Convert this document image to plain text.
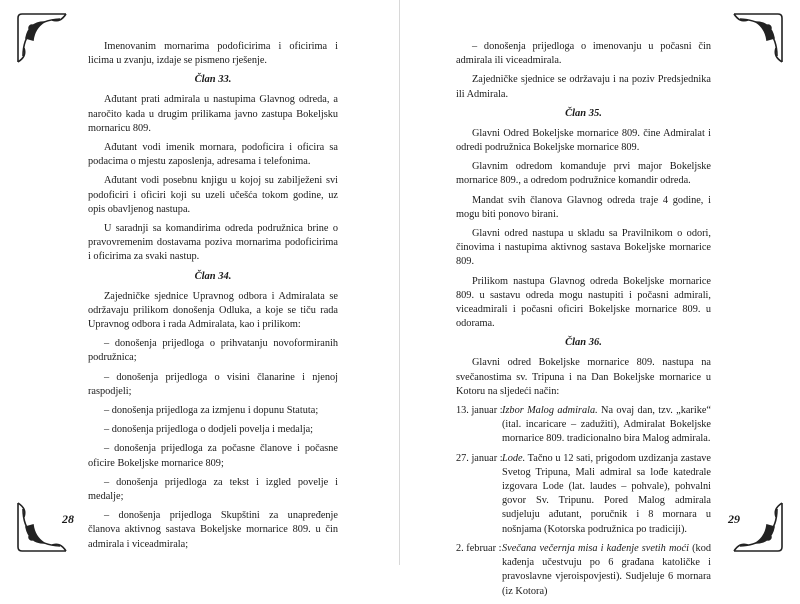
Imenovanim mornarima podoficirima i oficirima i licima u zvanju, izdaje se pismeno rješenje.

Član 33.

Ađutant prati admirala u nastupima Glavnog odreda, a naročito kada u drugim prilikama javno zastupa Bokeljsku mornaricu 809.

Ađutant vodi imenik mornara, podoficira i oficira sa podacima o mjestu zaposlenja, adresama i telefonima.

Ađutant vodi posebnu knjigu u kojoj su zabilježeni svi podoficiri i oficiri koji su uzeli učešća tokom godine, uz opis obavljenog nastupa.

U saradnji sa komandirima odreda podružnica brine o pravovremenim dostavama poziva mornarima podoficirima i oficirima za svaki nastup.

Član 34.

Zajedničke sjednice Upravnog odbora i Admiralata se održavaju prilikom donošenja Odluka, a koje se tiču rada Upravnog odbora i rada Admiralata, kao i prilikom:

– donošenja prijedloga o prihvatanju novoformiranih podružnica;
– donošenja prijedloga o visini članarine i njenoj raspodjeli;
– donošenja prijedloga za izmjenu i dopunu Statuta;
– donošenja prijedloga o dodjeli povelja i medalja;
– donošenja prijedloga za počasne članove i počasne oficire Bokeljske mornarice 809;
– donošenja prijedloga za tekst i izgled povelje i medalje;
– donošenja prijedloga Skupštini za unapređenje članova aktivnog sastava Bokeljske mornarice 809. u čin admirala i viceadmirala;
28
– donošenja prijedloga o imenovanju u počasni čin admirala ili viceadmirala.

Zajedničke sjednice se održavaju i na poziv Predsjednika ili Admirala.

Član 35.

Glavni Odred Bokeljske mornarice 809. čine Admiralat i odredi podružnica Bokeljske mornarice 809.

Glavnim odredom komanduje prvi major Bokeljske mornarice 809., a odredom podružnice komandir odreda.

Mandat svih članova Glavnog odreda traje 4 godine, i mogu biti ponovo birani.

Glavni odred nastupa u skladu sa Pravilnikom o odori, činovima i nastupima aktivnog sastava Bokeljske mornarice 809.

Prilikom nastupa Glavnog odreda Bokeljske mornarice 809. u sastavu odreda mogu nastupiti i počasni admirali, viceadmirali i počasni oficiri Bokeljske mornarice 809. u odorama.

Član 36.

Glavni odred Bokeljske mornarice 809. nastupa na svečanostima sv. Tripuna i na Dan Bokeljske mornarice u Kotoru na sljedeći način:

13. januar : Izbor Malog admirala. Na ovaj dan, tzv. „karike“ (ital. incaricare – zadužiti), Admiralat Bokeljske mornarice 809. tradicionalno bira Malog admirala.
27. januar : Lode. Tačno u 12 sati, prigodom uzdizanja zastave Svetog Tripuna, Mali admiral sa lođe katedrale izgovara Lode (lat. laudes – pohvale), pohvalni govor Sv. Tripunu. Pored Malog admirala sudjeluju ađutant, poručnik i 8 mornara u nošnjama (Kotorska podružnica po tradiciji).
2. februar : Svečana večernja misa i kađenje svetih moći (kod kađenja učestvuju po 6 građana katoličke i pravoslavne vjeroispovjesti). Sudjeluje 6 mornara (iz Kotora)
29
